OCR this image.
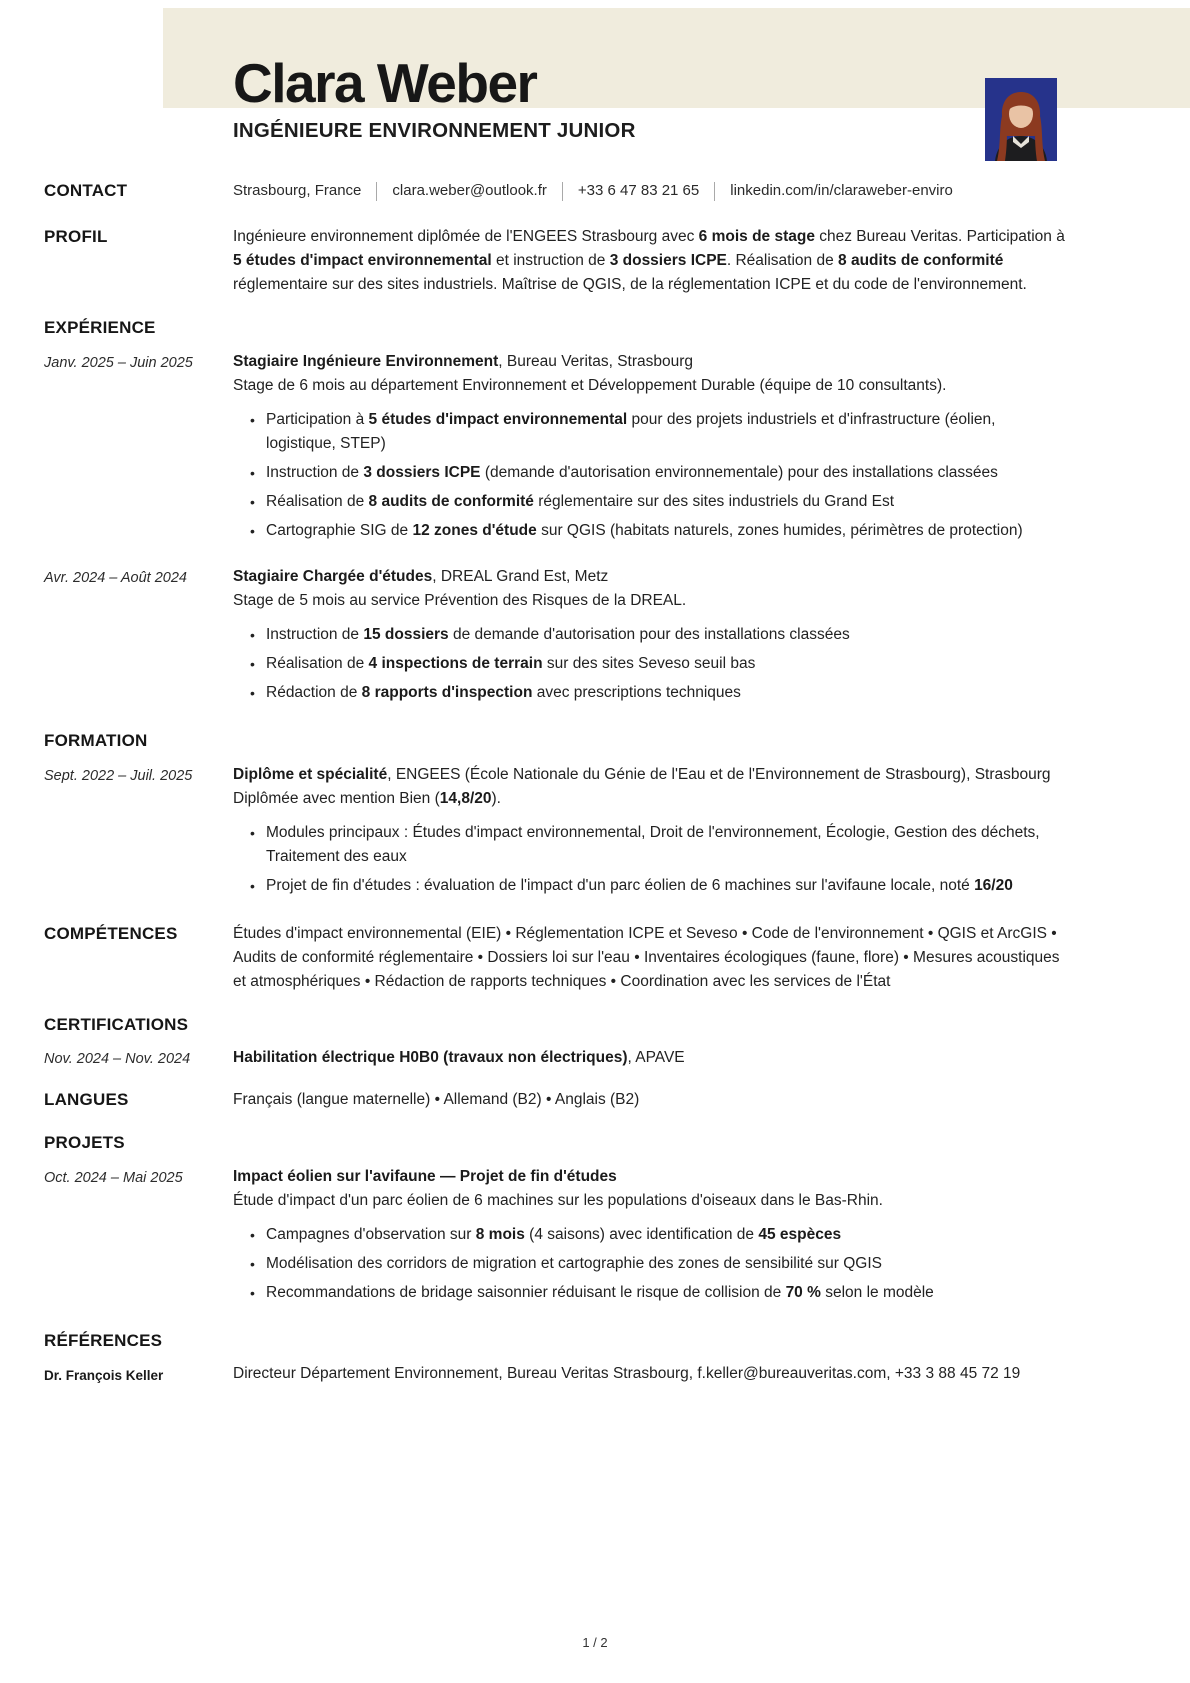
Clara Weber
INGÉNIEURE ENVIRONNEMENT JUNIOR
CONTACT	Strasbourg, France clara.weber@outlook.fr +33 6 47 83 21 65 linkedin.com/in/claraweber-enviro
PROFIL	Ingénieure environnement diplômée de l'ENGEES Strasbourg avec 6 mois de stage chez Bureau Veritas. Participation à 5 études d'impact environnemental et instruction de 3 dossiers ICPE. Réalisation de 8 audits de conformité réglementaire sur des sites industriels. Maîtrise de QGIS, de la réglementation ICPE et du code de l'environnement.

EXPÉRIENCE
Janv. 2025 – Juin 2025	Stagiaire Ingénieure Environnement, Bureau Veritas, Strasbourg
Stage de 6 mois au département Environnement et Développement Durable (équipe de 10 consultants).
• Participation à 5 études d'impact environnemental pour des projets industriels et d'infrastructure (éolien, logistique, STEP)
• Instruction de 3 dossiers ICPE (demande d'autorisation environnementale) pour des installations classées
• Réalisation de 8 audits de conformité réglementaire sur des sites industriels du Grand Est
• Cartographie SIG de 12 zones d'étude sur QGIS (habitats naturels, zones humides, périmètres de protection)
Avr. 2024 – Août 2024	Stagiaire Chargée d'études, DREAL Grand Est, Metz
Stage de 5 mois au service Prévention des Risques de la DREAL.
• Instruction de 15 dossiers de demande d'autorisation pour des installations classées
• Réalisation de 4 inspections de terrain sur des sites Seveso seuil bas
• Rédaction de 8 rapports d'inspection avec prescriptions techniques
FORMATION
Sept. 2022 – Juil. 2025	Diplôme et spécialité, ENGEES (École Nationale du Génie de l'Eau et de l'Environnement de Strasbourg), Strasbourg
Diplômée avec mention Bien (14,8/20).
• Modules principaux : Études d'impact environnemental, Droit de l'environnement, Écologie, Gestion des déchets, Traitement des eaux
• Projet de fin d'études : évaluation de l'impact d'un parc éolien de 6 machines sur l'avifaune locale, noté 16/20
COMPÉTENCES	Études d'impact environnemental (EIE) • Réglementation ICPE et Seveso • Code de l'environnement • QGIS et ArcGIS • Audits de conformité réglementaire • Dossiers loi sur l'eau • Inventaires écologiques (faune, flore) • Mesures acoustiques et atmosphériques • Rédaction de rapports techniques • Coordination avec les services de l'État

CERTIFICATIONS
Nov. 2024 – Nov. 2024	Habilitation électrique H0B0 (travaux non électriques), APAVE
LANGUES	Français (langue maternelle) • Allemand (B2) • Anglais (B2)

PROJETS
Oct. 2024 – Mai 2025	Impact éolien sur l'avifaune — Projet de fin d'études
Étude d'impact d'un parc éolien de 6 machines sur les populations d'oiseaux dans le Bas-Rhin.
• Campagnes d'observation sur 8 mois (4 saisons) avec identification de 45 espèces
• Modélisation des corridors de migration et cartographie des zones de sensibilité sur QGIS
• Recommandations de bridage saisonnier réduisant le risque de collision de 70 % selon le modèle
RÉFÉRENCES
Dr. François Keller	Directeur Département Environnement, Bureau Veritas Strasbourg, f.keller@bureauveritas.com, +33 3 88 45 72 19

1 / 2
